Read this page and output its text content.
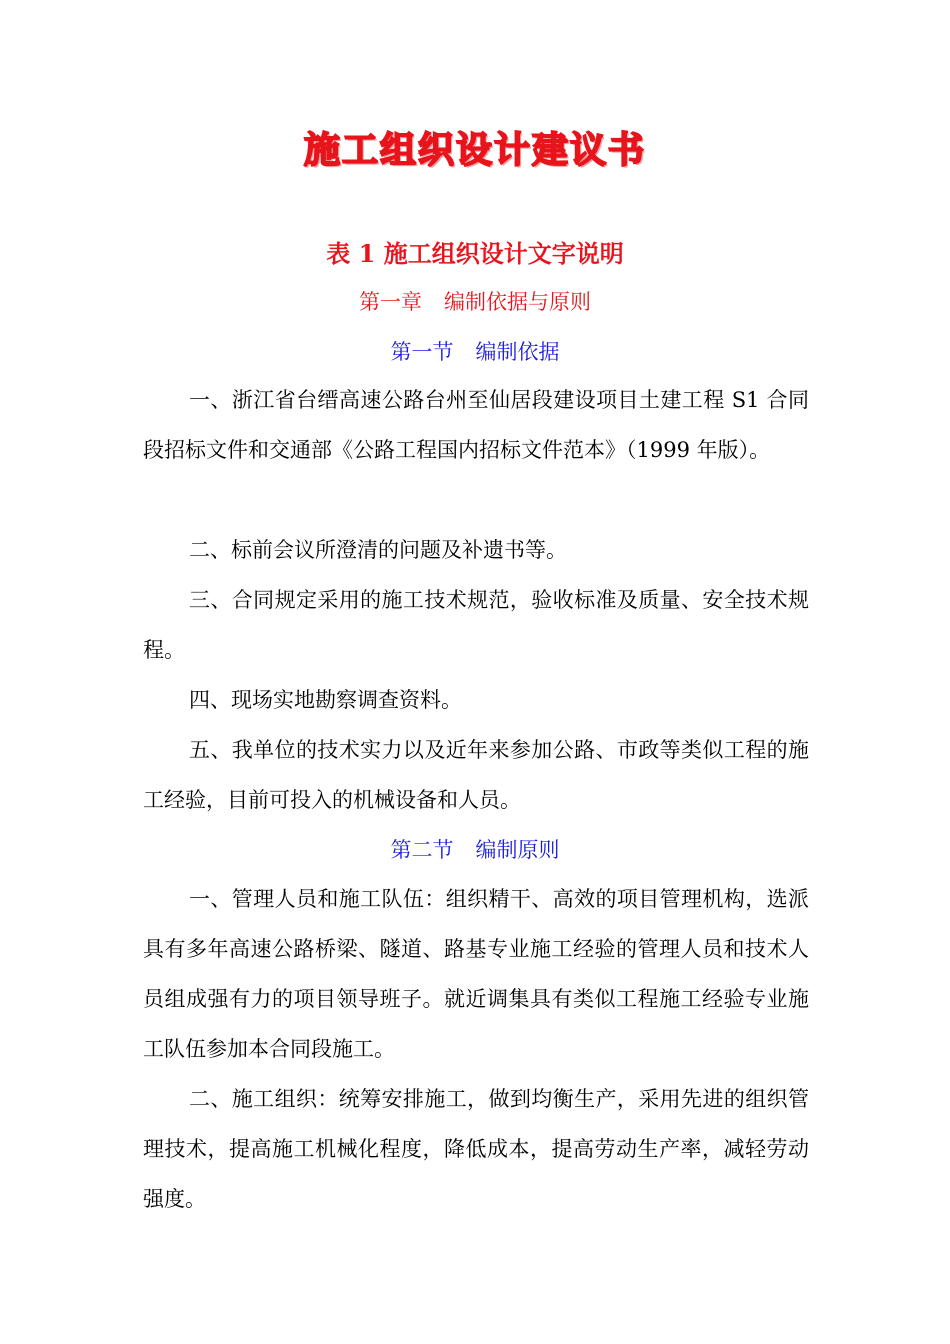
施工组织设计建议书
表 1 施工组织设计文字说明
第一章 编制依据与原则
第一节 编制依据

一、浙江省台缙高速公路台州至仙居段建设项目土建工程 S1 合同段招标文件和交通部《公路工程国内招标文件范本》（1999 年版）。

二、标前会议所澄清的问题及补遗书等。

三、合同规定采用的施工技术规范，验收标准及质量、安全技术规程。

四、现场实地勘察调查资料。

五、我单位的技术实力以及近年来参加公路、市政等类似工程的施工经验，目前可投入的机械设备和人员。

第二节 编制原则

一、管理人员和施工队伍：组织精干、高效的项目管理机构，选派具有多年高速公路桥梁、隧道、路基专业施工经验的管理人员和技术人员组成强有力的项目领导班子。就近调集具有类似工程施工经验专业施工队伍参加本合同段施工。

二、施工组织：统筹安排施工，做到均衡生产，采用先进的组织管理技术，提高施工机械化程度，降低成本，提高劳动生产率，减轻劳动强度。
